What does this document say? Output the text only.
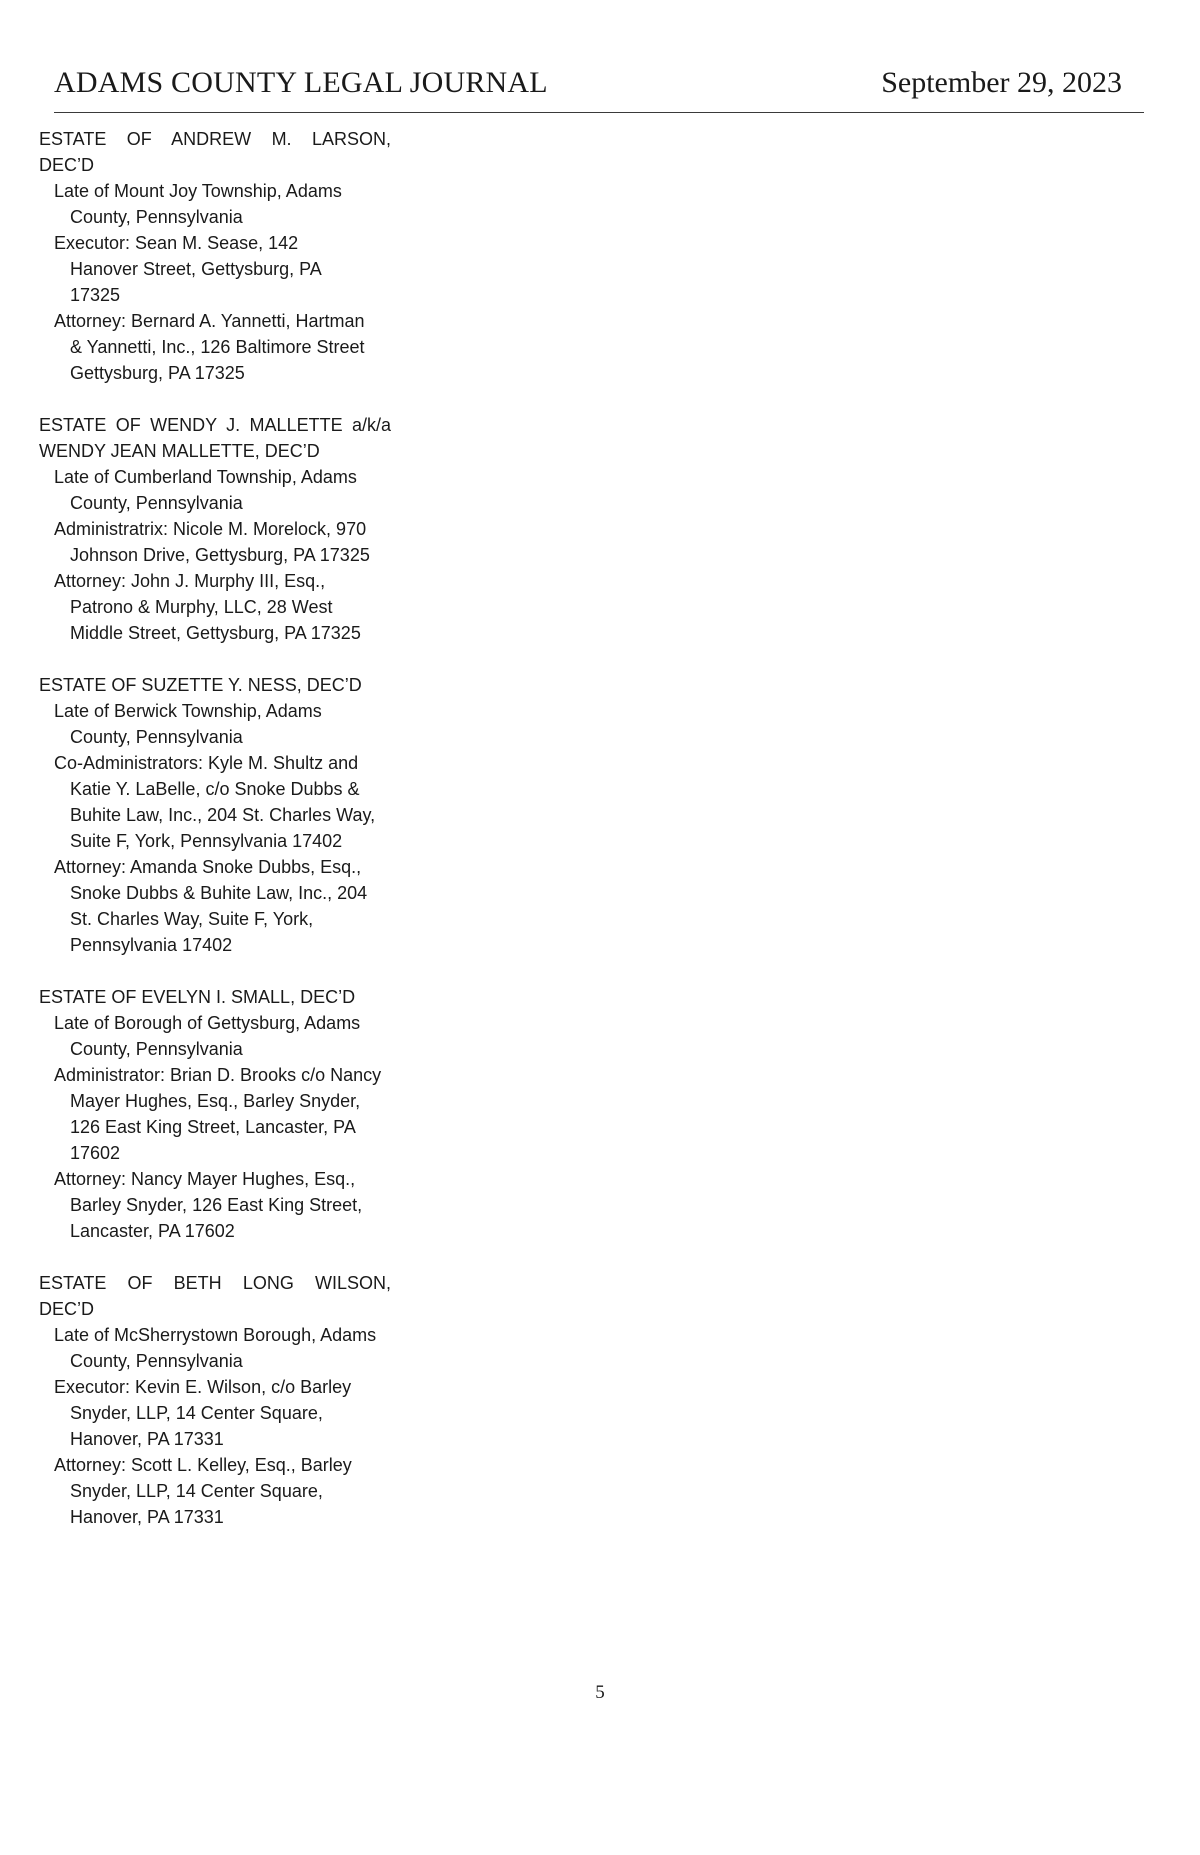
ADAMS COUNTY LEGAL JOURNAL	September 29, 2023
ESTATE OF ANDREW M. LARSON,
DEC’D
Late of Mount Joy Township, Adams
County, Pennsylvania
Executor: Sean M. Sease, 142
Hanover Street, Gettysburg, PA
17325
Attorney: Bernard A. Yannetti, Hartman
& Yannetti, Inc., 126 Baltimore Street
Gettysburg, PA 17325
ESTATE OF WENDY J. MALLETTE a/k/a
WENDY JEAN MALLETTE, DEC’D
Late of Cumberland Township, Adams
County, Pennsylvania
Administratrix: Nicole M. Morelock, 970
Johnson Drive, Gettysburg, PA 17325
Attorney: John J. Murphy III, Esq.,
Patrono & Murphy, LLC, 28 West
Middle Street, Gettysburg, PA 17325
ESTATE OF SUZETTE Y. NESS, DEC’D
Late of Berwick Township, Adams
County, Pennsylvania
Co-Administrators: Kyle M. Shultz and
Katie Y. LaBelle, c/o Snoke Dubbs &
Buhite Law, Inc., 204 St. Charles Way,
Suite F, York, Pennsylvania 17402
Attorney: Amanda Snoke Dubbs, Esq.,
Snoke Dubbs & Buhite Law, Inc., 204
St. Charles Way, Suite F, York,
Pennsylvania 17402
ESTATE OF EVELYN I. SMALL, DEC’D
Late of Borough of Gettysburg, Adams
County, Pennsylvania
Administrator: Brian D. Brooks c/o Nancy
Mayer Hughes, Esq., Barley Snyder,
126 East King Street, Lancaster, PA
17602
Attorney: Nancy Mayer Hughes, Esq.,
Barley Snyder, 126 East King Street,
Lancaster, PA 17602
ESTATE OF BETH LONG WILSON,
DEC’D
Late of McSherrystown Borough, Adams
County, Pennsylvania
Executor: Kevin E. Wilson, c/o Barley
Snyder, LLP, 14 Center Square,
Hanover, PA 17331
Attorney: Scott L. Kelley, Esq., Barley
Snyder, LLP, 14 Center Square,
Hanover, PA 17331
5
